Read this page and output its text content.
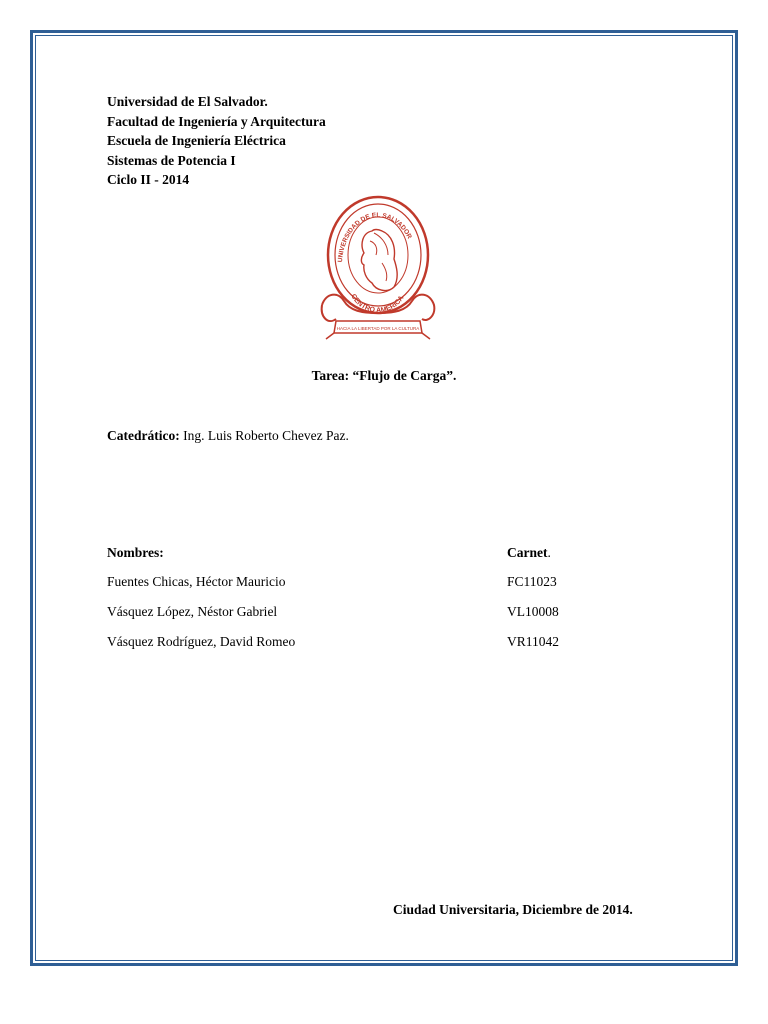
Universidad de El Salvador.
Facultad de Ingeniería y Arquitectura
Escuela de Ingeniería Eléctrica
Sistemas de Potencia I
Ciclo II - 2014
UNIVERSIDAD DE EL SALVADOR
CENTRO AMERICA
HACIA LA LIBERTAD POR LA CULTURA
Tarea: “Flujo de Carga”.
Catedrático: Ing. Luis Roberto Chevez Paz.
Nombres:	Carnet.
Fuentes Chicas, Héctor Mauricio	FC11023
Vásquez López, Néstor Gabriel	VL10008
Vásquez Rodríguez, David Romeo	VR11042
Ciudad Universitaria, Diciembre de 2014.
